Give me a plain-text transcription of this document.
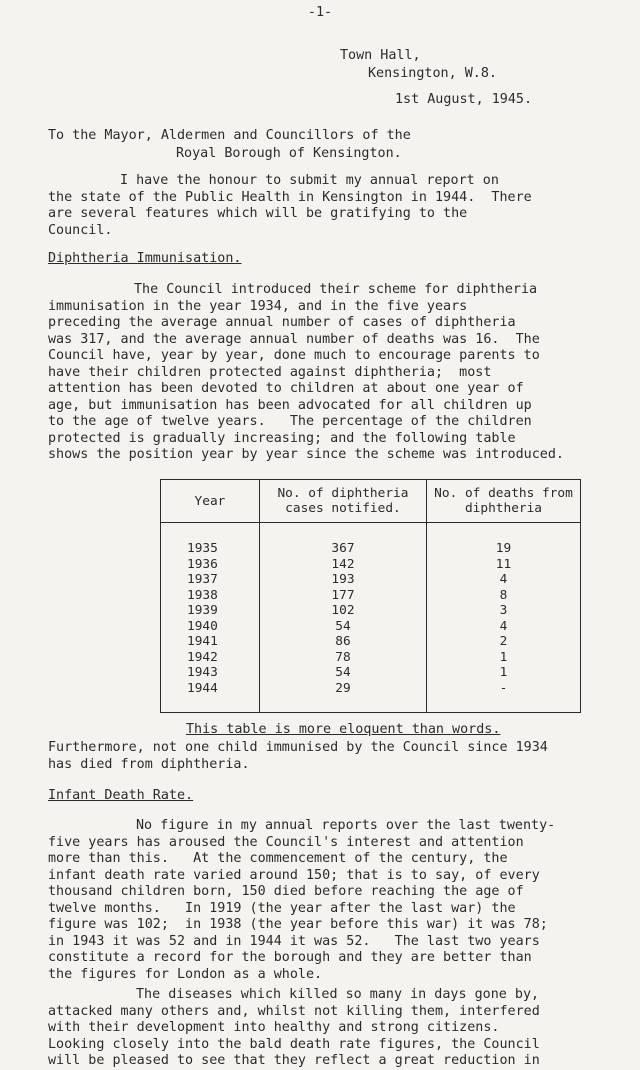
-1-
Town Hall,
Kensington, W.8.
1st August, 1945.
To the Mayor, Aldermen and Councillors of the
Royal Borough of Kensington.

I have the honour to submit my annual report on
the state of the Public Health in Kensington in 1944.  There
are several features which will be gratifying to the
Council.

Diphtheria Immunisation.

The Council introduced their scheme for diphtheria
immunisation in the year 1934, and in the five years
preceding the average annual number of cases of diphtheria
was 317, and the average annual number of deaths was 16.  The
Council have, year by year, done much to encourage parents to
have their children protected against diphtheria;  most
attention has been devoted to children at about one year of
age, but immunisation has been advocated for all children up
to the age of twelve years.   The percentage of the children
protected is gradually increasing; and the following table
shows the position year by year since the scheme was introduced.

Year	No. of diphtheria cases notified.	No. of deaths from diphtheria
1935	367	19
1936	142	11
1937	193	4
1938	177	8
1939	102	3
1940	54	4
1941	86	2
1942	78	1
1943	54	1
1944	29	-
This table is more eloquent than words.

Furthermore, not one child immunised by the Council since 1934
has died from diphtheria.

Infant Death Rate.

No figure in my annual reports over the last twenty-
five years has aroused the Council's interest and attention
more than this.   At the commencement of the century, the
infant death rate varied around 150; that is to say, of every
thousand children born, 150 died before reaching the age of
twelve months.   In 1919 (the year after the last war) the
figure was 102;  in 1938 (the year before this war) it was 78;
in 1943 it was 52 and in 1944 it was 52.   The last two years
constitute a record for the borough and they are better than
the figures for London as a whole.

The diseases which killed so many in days gone by,
attacked many others and, whilst not killing them, interfered
with their development into healthy and strong citizens.
Looking closely into the bald death rate figures, the Council
will be pleased to see that they reflect a great reduction in
